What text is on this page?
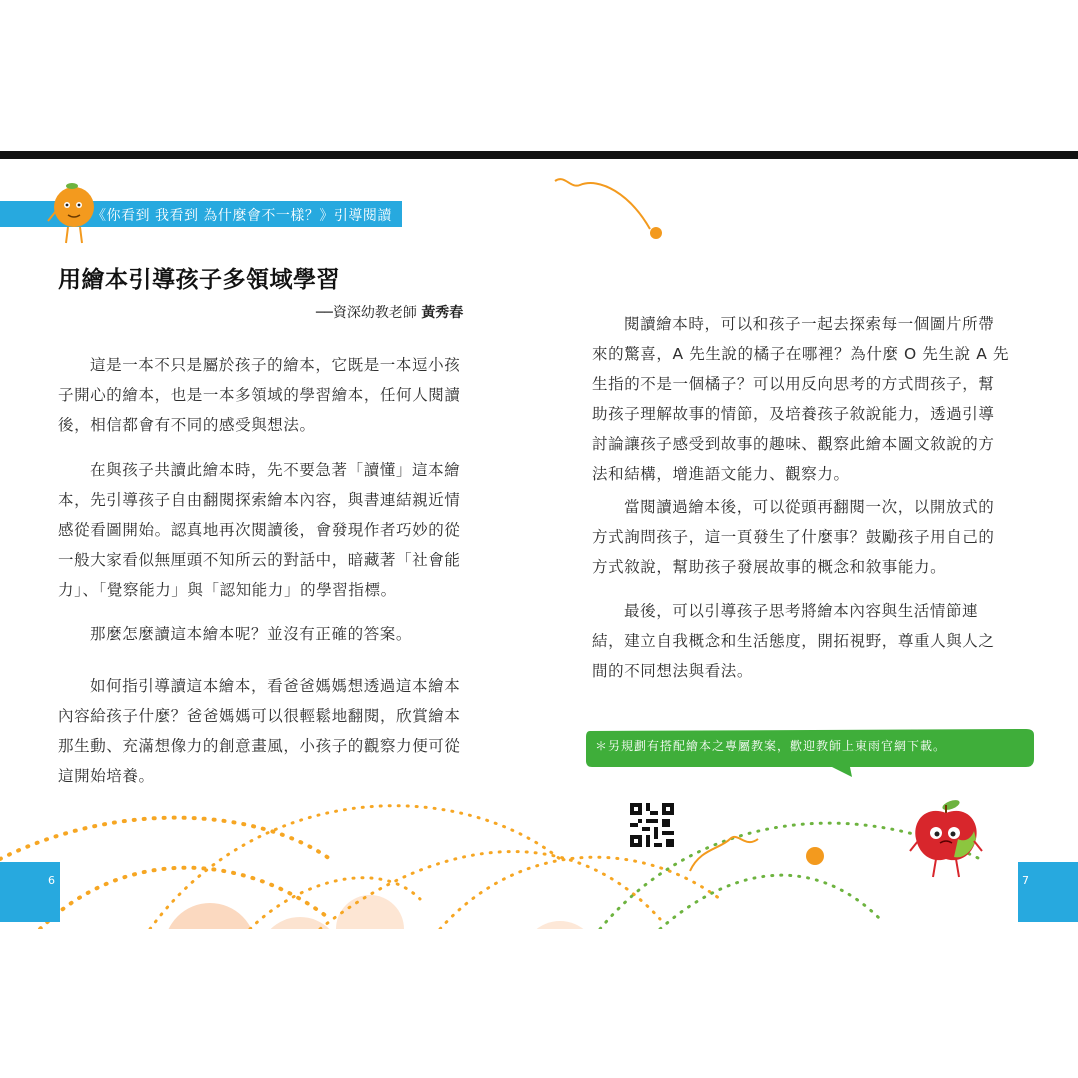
《你看到 我看到 為什麼會不一樣？》引導閱讀
用繪本引導孩子多領域學習
──資深幼教老師 黃秀春
這是一本不只是屬於孩子的繪本，它既是一本逗小孩
子開心的繪本，也是一本多領域的學習繪本，任何人閱讀
後，相信都會有不同的感受與想法。
在與孩子共讀此繪本時，先不要急著「讀懂」這本繪
本，先引導孩子自由翻閱探索繪本內容，與書連結親近情
感從看圖開始。認真地再次閱讀後，會發現作者巧妙的從
一般大家看似無厘頭不知所云的對話中，暗藏著「社會能
力」、「覺察能力」與「認知能力」的學習指標。
那麼怎麼讀這本繪本呢？並沒有正確的答案。
如何指引導讀這本繪本，看爸爸媽媽想透過這本繪本
內容給孩子什麼？爸爸媽媽可以很輕鬆地翻閱，欣賞繪本
那生動、充滿想像力的創意畫風，小孩子的觀察力便可從
這開始培養。
閱讀繪本時，可以和孩子一起去探索每一個圖片所帶
來的驚喜，A 先生說的橘子在哪裡？為什麼 O 先生說 A 先
生指的不是一個橘子？可以用反向思考的方式問孩子，幫
助孩子理解故事的情節，及培養孩子敘說能力，透過引導
討論讓孩子感受到故事的趣味、觀察此繪本圖文敘說的方
法和結構，增進語文能力、觀察力。
當閱讀過繪本後，可以從頭再翻閱一次，以開放式的
方式詢問孩子，這一頁發生了什麼事？鼓勵孩子用自己的
方式敘說，幫助孩子發展故事的概念和敘事能力。
最後，可以引導孩子思考將繪本內容與生活情節連
結，建立自我概念和生活態度，開拓視野，尊重人與人之
間的不同想法與看法。
＊另規劃有搭配繪本之專屬教案，歡迎教師上東雨官網下載。
6	7
